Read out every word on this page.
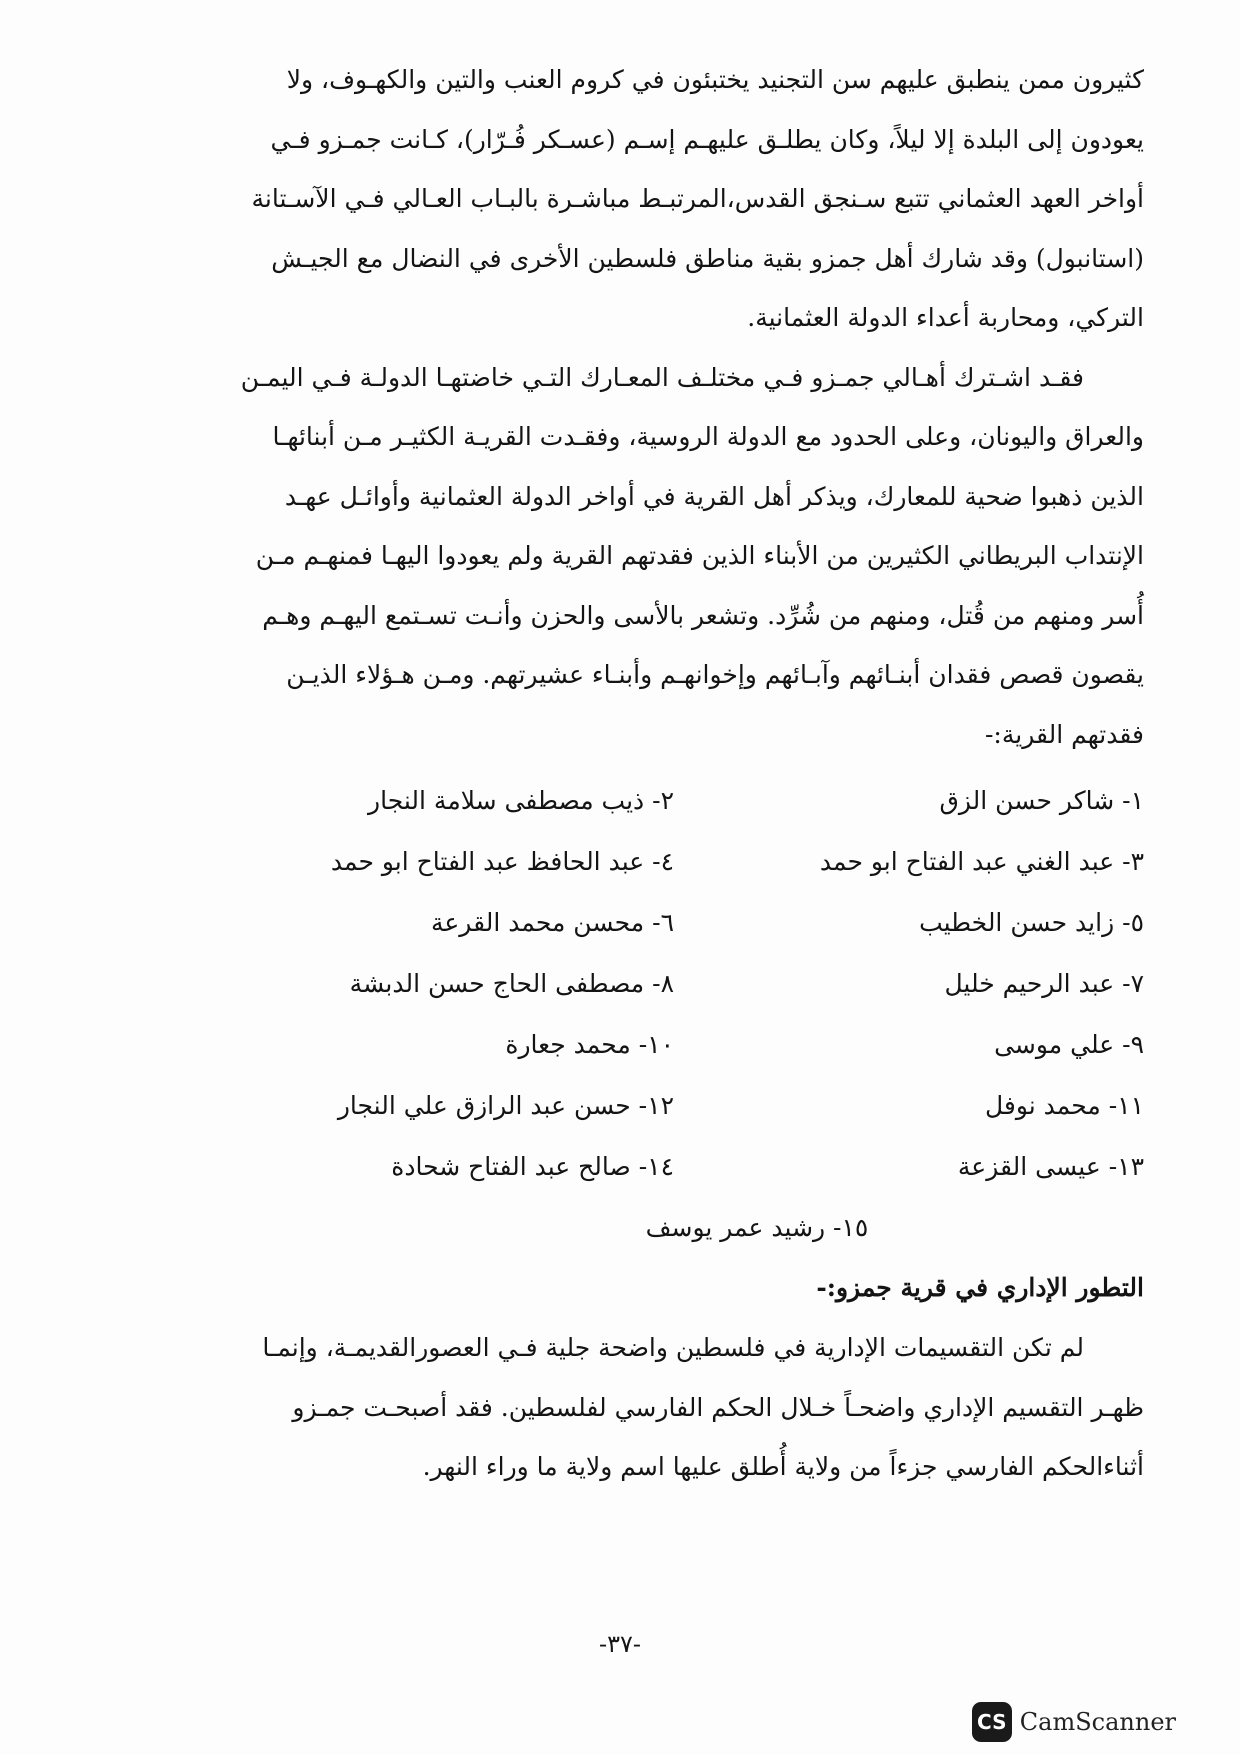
كثيرون ممن ينطبق عليهم سن التجنيد يختبئون في كروم العنب والتين والكهـوف، ولا

يعودون إلى البلدة إلا ليلاً، وكان يطلـق عليهـم إسـم (عسـكر فُـرّار)، كـانت جمـزو فـي

أواخر العهد العثماني تتبع سـنجق القدس،المرتبـط مباشـرة بالبـاب العـالي فـي الآسـتانة

(استانبول) وقد شارك أهل جمزو بقية مناطق فلسطين الأخرى في النضال مع الجيـش

التركي، ومحاربة أعداء الدولة العثمانية.

فقـد اشـترك أهـالي جمـزو فـي مختلـف المعـارك التـي خاضتهـا الدولـة فـي اليمـن

والعراق واليونان، وعلى الحدود مع الدولة الروسية، وفقـدت القريـة الكثيـر مـن أبنائهـا

الذين ذهبوا ضحية للمعارك، ويذكر أهل القرية في أواخر الدولة العثمانية وأوائـل عهـد

الإنتداب البريطاني الكثيرين من الأبناء الذين فقدتهم القرية ولم يعودوا اليهـا فمنهـم مـن

أُسر ومنهم من قُتل، ومنهم من شُرِّد. وتشعر بالأسى والحزن وأنـت تسـتمع اليهـم وهـم

يقصون قصص فقدان أبنـائهم وآبـائهم وإخوانهـم وأبنـاء عشيرتهم. ومـن هـؤلاء الذيـن

فقدتهم القرية:-

١- شاكر حسن الزق
٢- ذيب مصطفى سلامة النجار
٣- عبد الغني عبد الفتاح ابو حمد
٤- عبد الحافظ عبد الفتاح ابو حمد
٥- زايد حسن الخطيب
٦- محسن محمد القرعة
٧- عبد الرحيم خليل
٨- مصطفى الحاج حسن الدبشة
٩- علي موسى
١٠- محمد جعارة
١١- محمد نوفل
١٢- حسن عبد الرازق علي النجار
١٣- عيسى القزعة
١٤- صالح عبد الفتاح شحادة
١٥- رشيد عمر يوسف

التطور الإداري في قرية جمزو:-

لم تكن التقسيمات الإدارية في فلسطين واضحة جلية فـي العصورالقديمـة، وإنمـا

ظهـر التقسيم الإداري واضحـاً خـلال الحكم الفارسي لفلسطين. فقد أصبحـت جمـزو

أثناءالحكم الفارسي جزءاً من ولاية أُطلق عليها اسم ولاية ما وراء النهر.

-٣٧-
CS CamScanner
